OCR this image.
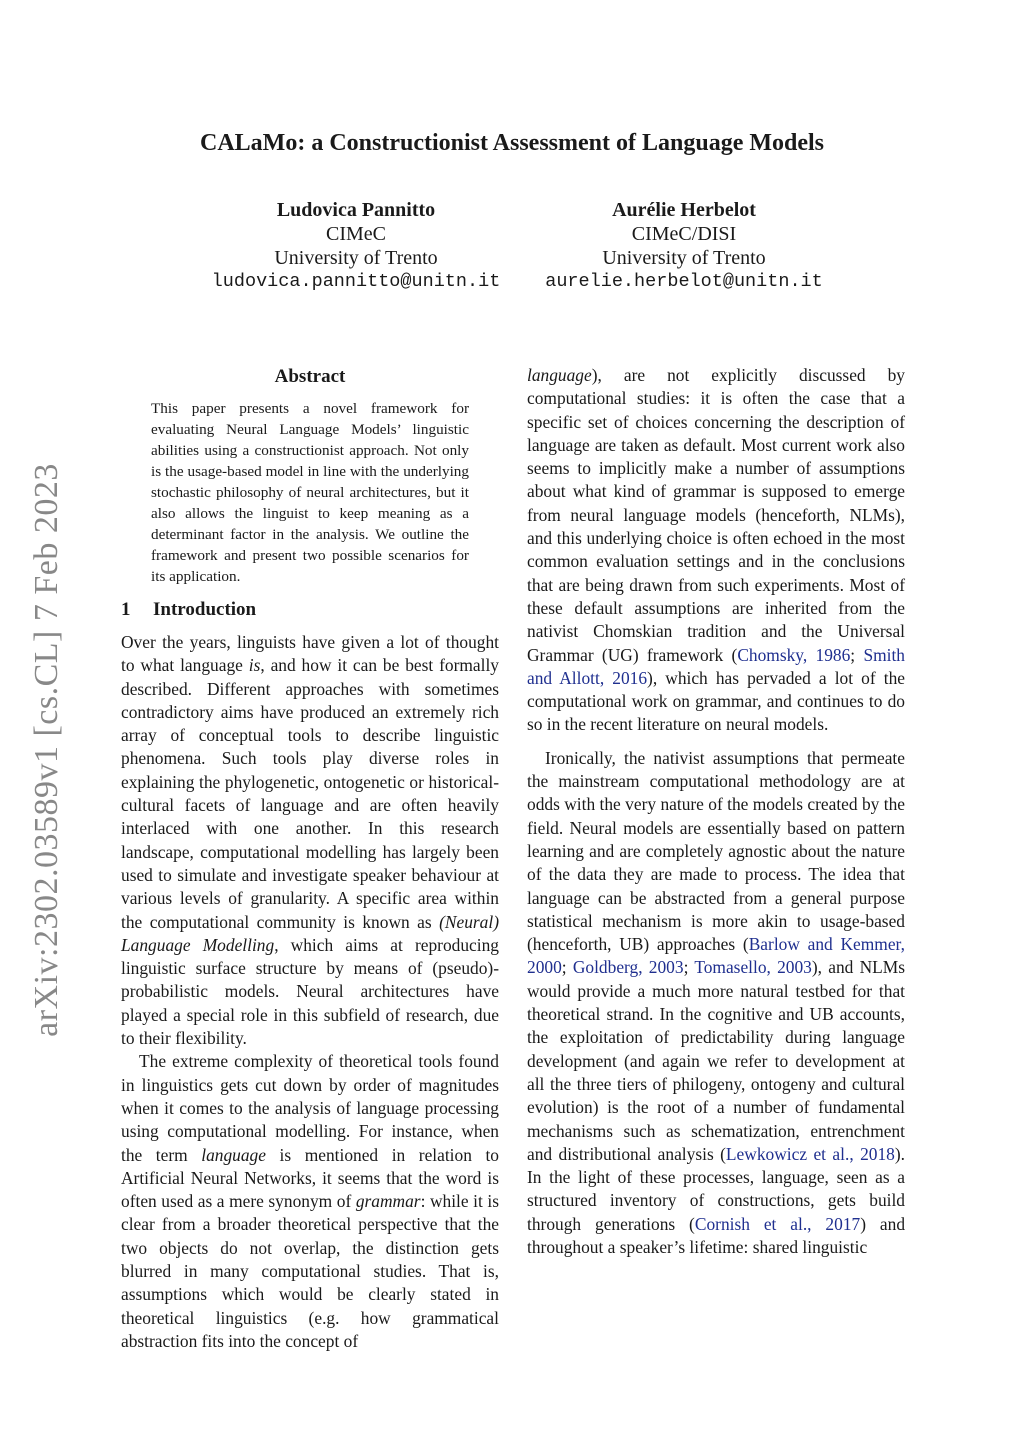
arXiv:2302.03589v1 [cs.CL] 7 Feb 2023
CALaMo: a Constructionist Assessment of Language Models
Ludovica Pannitto
CIMeC
University of Trento
ludovica.pannitto@unitn.it
Aurélie Herbelot
CIMeC/DISI
University of Trento
aurelie.herbelot@unitn.it
Abstract
This paper presents a novel framework for evaluating Neural Language Models’ linguistic abilities using a constructionist approach. Not only is the usage-based model in line with the underlying stochastic philosophy of neural architectures, but it also allows the linguist to keep meaning as a determinant factor in the analysis. We outline the framework and present two possible scenarios for its application.
1 Introduction

Over the years, linguists have given a lot of thought to what language is, and how it can be best formally described. Different approaches with sometimes contradictory aims have produced an extremely rich array of conceptual tools to describe linguistic phenomena. Such tools play diverse roles in explaining the phylogenetic, ontogenetic or historical-cultural facets of language and are often heavily interlaced with one another. In this research landscape, computational modelling has largely been used to simulate and investigate speaker behaviour at various levels of granularity. A specific area within the computational community is known as (Neural) Language Modelling, which aims at reproducing linguistic surface structure by means of (pseudo)-probabilistic models. Neural architectures have played a special role in this subfield of research, due to their flexibility.

The extreme complexity of theoretical tools found in linguistics gets cut down by order of magnitudes when it comes to the analysis of language processing using computational modelling. For instance, when the term language is mentioned in relation to Artificial Neural Networks, it seems that the word is often used as a mere synonym of grammar: while it is clear from a broader theoretical perspective that the two objects do not overlap, the distinction gets blurred in many computational studies. That is, assumptions which would be clearly stated in theoretical linguistics (e.g. how grammatical abstraction fits into the concept of

language), are not explicitly discussed by computational studies: it is often the case that a specific set of choices concerning the description of language are taken as default. Most current work also seems to implicitly make a number of assumptions about what kind of grammar is supposed to emerge from neural language models (henceforth, NLMs), and this underlying choice is often echoed in the most common evaluation settings and in the conclusions that are being drawn from such experiments. Most of these default assumptions are inherited from the nativist Chomskian tradition and the Universal Grammar (UG) framework (Chomsky, 1986; Smith and Allott, 2016), which has pervaded a lot of the computational work on grammar, and continues to do so in the recent literature on neural models.

Ironically, the nativist assumptions that permeate the mainstream computational methodology are at odds with the very nature of the models created by the field. Neural models are essentially based on pattern learning and are completely agnostic about the nature of the data they are made to process. The idea that language can be abstracted from a general purpose statistical mechanism is more akin to usage-based (henceforth, UB) approaches (Barlow and Kemmer, 2000; Goldberg, 2003; Tomasello, 2003), and NLMs would provide a much more natural testbed for that theoretical strand. In the cognitive and UB accounts, the exploitation of predictability during language development (and again we refer to development at all the three tiers of philogeny, ontogeny and cultural evolution) is the root of a number of fundamental mechanisms such as schematization, entrenchment and distributional analysis (Lewkowicz et al., 2018). In the light of these processes, language, seen as a structured inventory of constructions, gets build through generations (Cornish et al., 2017) and throughout a speaker’s lifetime: shared linguistic
